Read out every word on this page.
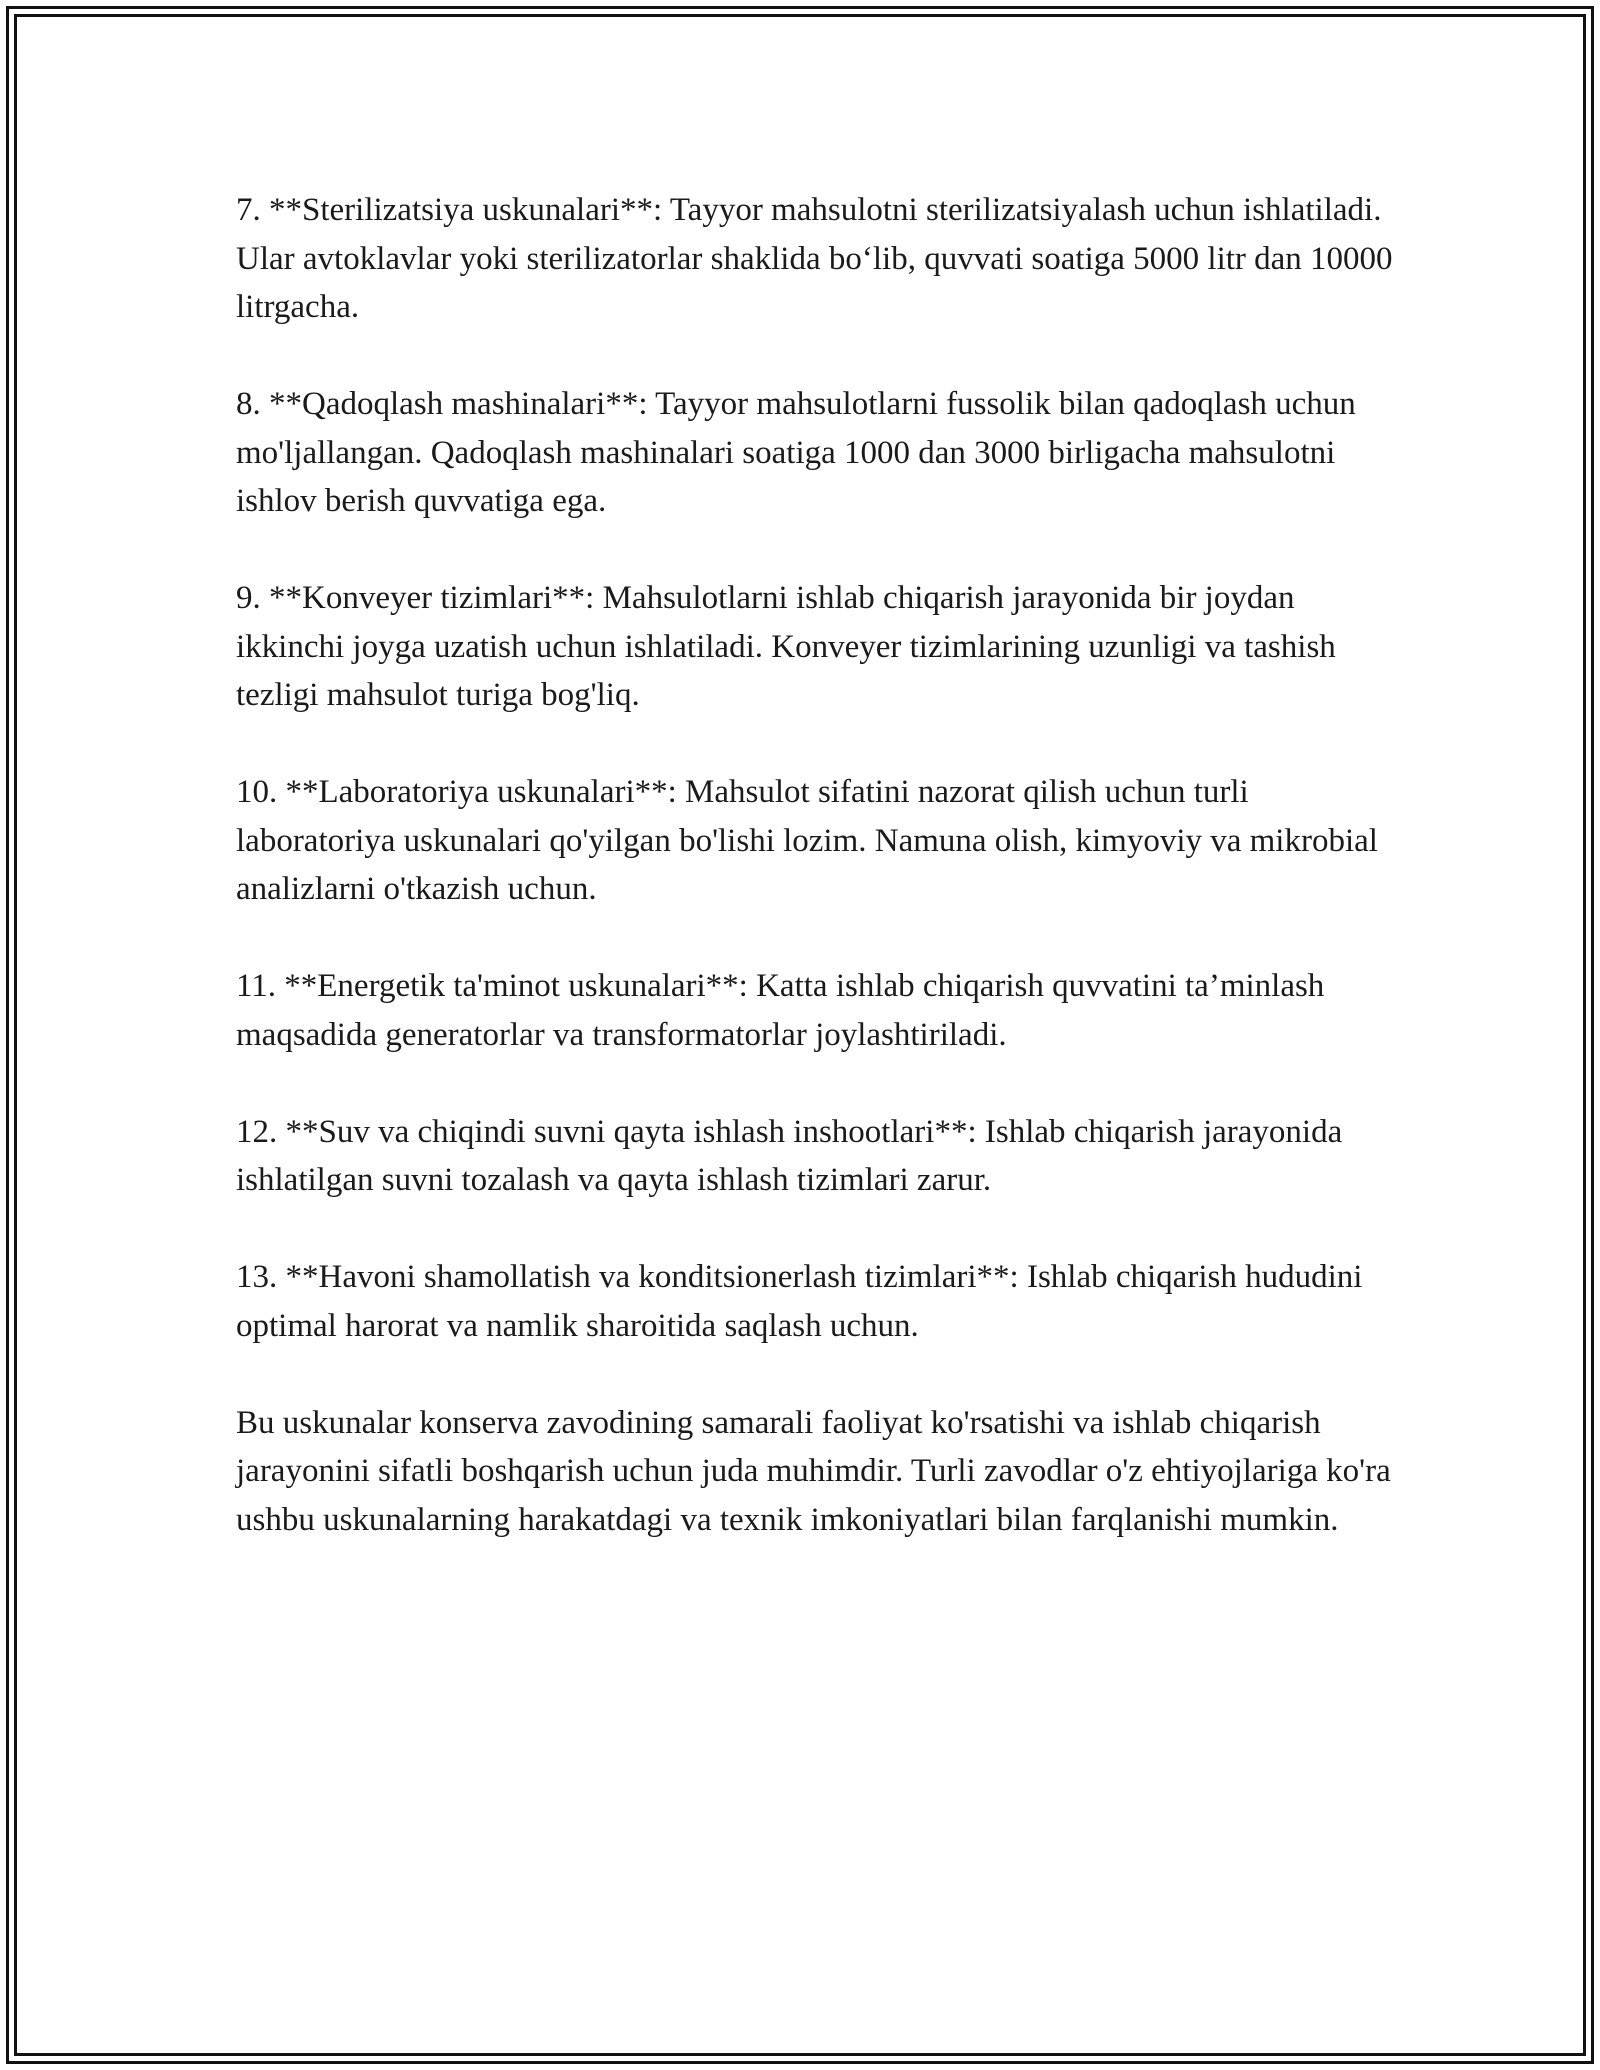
7. **Sterilizatsiya uskunalari**: Tayyor mahsulotni sterilizatsiyalash uchun ishlatiladi. Ular avtoklavlar yoki sterilizatorlar shaklida bo‘lib, quvvati soatiga 5000 litr dan 10000 litrgacha.

8. **Qadoqlash mashinalari**: Tayyor mahsulotlarni fussolik bilan qadoqlash uchun mo'ljallangan. Qadoqlash mashinalari soatiga 1000 dan 3000 birligacha mahsulotni ishlov berish quvvatiga ega.

9. **Konveyer tizimlari**: Mahsulotlarni ishlab chiqarish jarayonida bir joydan ikkinchi joyga uzatish uchun ishlatiladi. Konveyer tizimlarining uzunligi va tashish tezligi mahsulot turiga bog'liq.

10. **Laboratoriya uskunalari**: Mahsulot sifatini nazorat qilish uchun turli laboratoriya uskunalari qo'yilgan bo'lishi lozim. Namuna olish, kimyoviy va mikrobial analizlarni o'tkazish uchun.

11. **Energetik ta'minot uskunalari**: Katta ishlab chiqarish quvvatini ta’minlash maqsadida generatorlar va transformatorlar joylashtiriladi.

12. **Suv va chiqindi suvni qayta ishlash inshootlari**: Ishlab chiqarish jarayonida ishlatilgan suvni tozalash va qayta ishlash tizimlari zarur.

13. **Havoni shamollatish va konditsionerlash tizimlari**: Ishlab chiqarish hududini optimal harorat va namlik sharoitida saqlash uchun.

Bu uskunalar konserva zavodining samarali faoliyat ko'rsatishi va ishlab chiqarish jarayonini sifatli boshqarish uchun juda muhimdir. Turli zavodlar o'z ehtiyojlariga ko'ra ushbu uskunalarning harakatdagi va texnik imkoniyatlari bilan farqlanishi mumkin.
